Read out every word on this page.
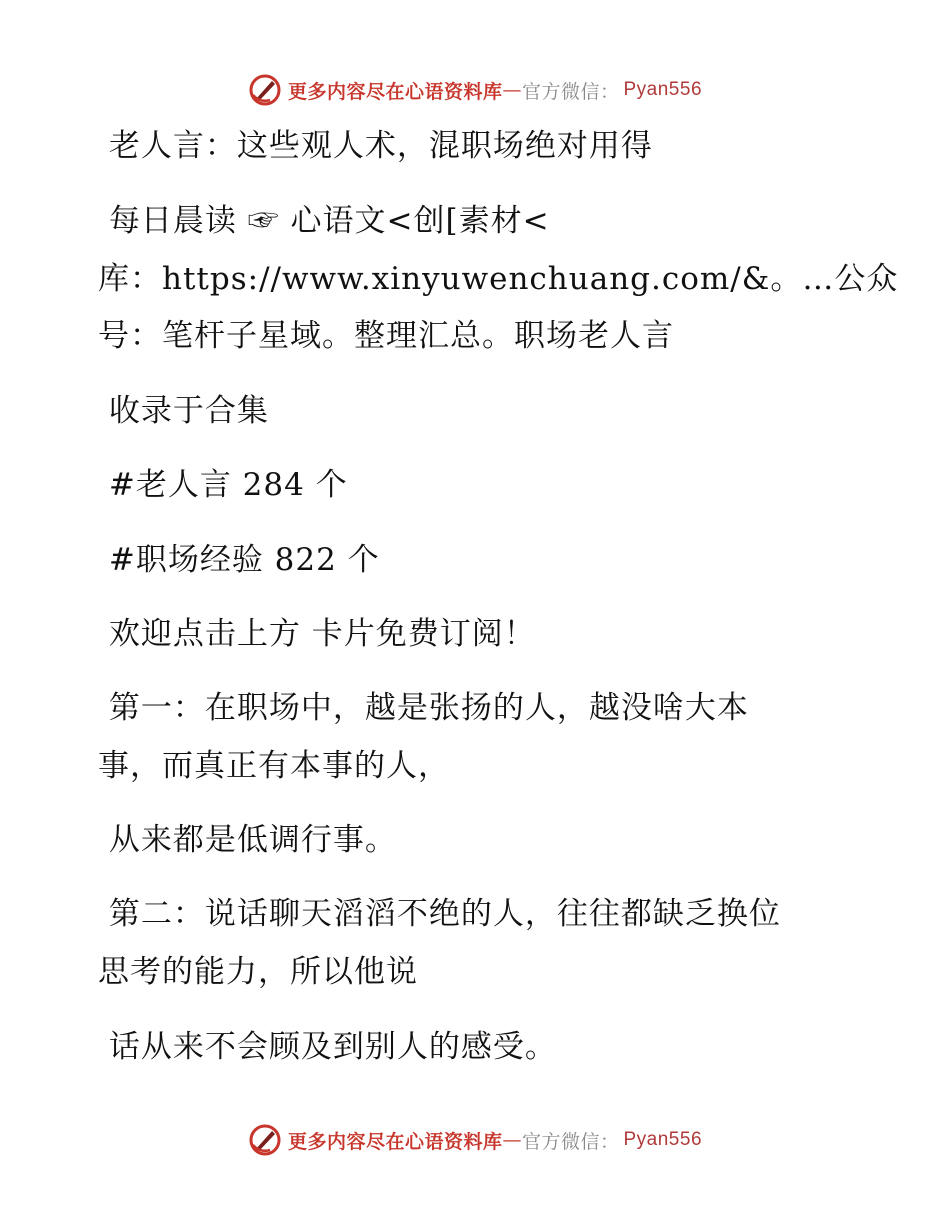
更多内容尽在心语资料库 — 官方微信： Pyan556
老人言：这些观人术，混职场绝对用得
每日晨读 ☞ 心语文<创[素材<
库：https://www.xinyuwenchuang.com/&。…公众
号：笔杆子星域。整理汇总。职场老人言
收录于合集
#老人言 284 个
#职场经验 822 个
欢迎点击上方 卡片免费订阅！
第一：在职场中，越是张扬的人，越没啥大本
事，而真正有本事的人，
从来都是低调行事。
第二：说话聊天滔滔不绝的人，往往都缺乏换位
思考的能力，所以他说
话从来不会顾及到别人的感受。
更多内容尽在心语资料库 — 官方微信： Pyan556
